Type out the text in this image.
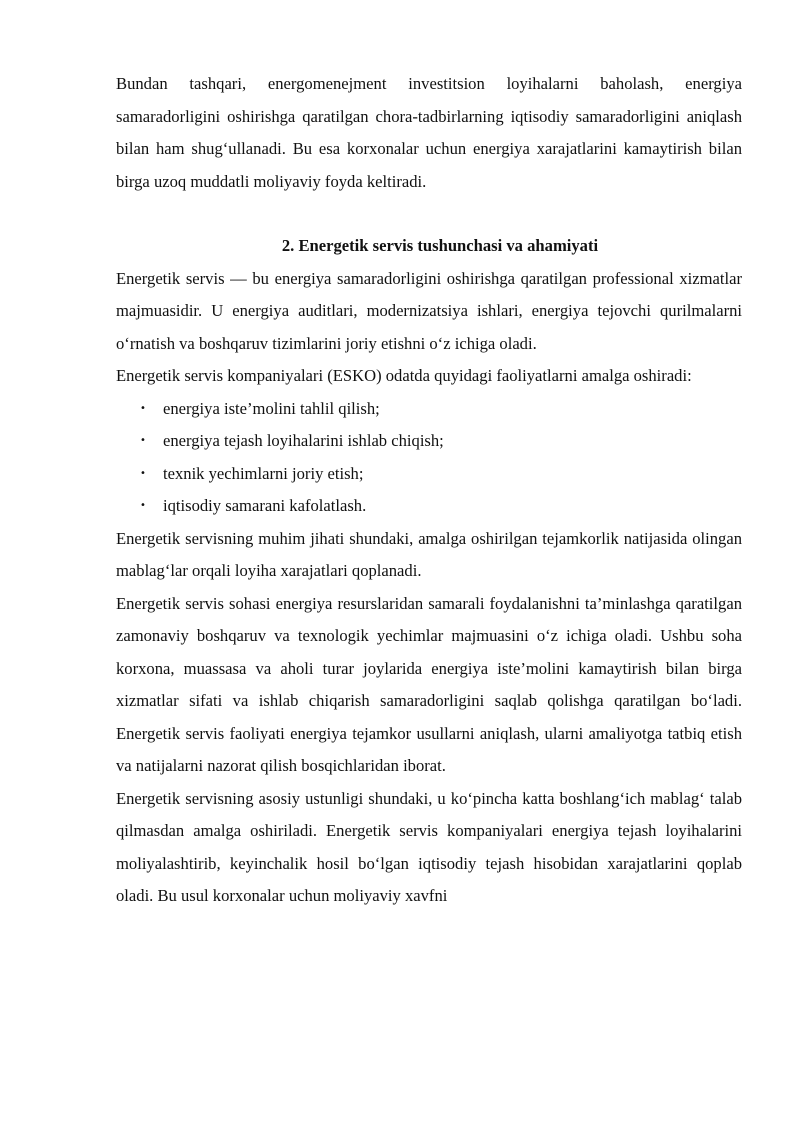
Bundan tashqari, energomenejment investitsion loyihalarni baholash, energiya samaradorligini oshirishga qaratilgan chora-tadbirlarning iqtisodiy samaradorligini aniqlash bilan ham shug‘ullanadi. Bu esa korxonalar uchun energiya xarajatlarini kamaytirish bilan birga uzoq muddatli moliyaviy foyda keltiradi.

2. Energetik servis tushunchasi va ahamiyati

Energetik servis — bu energiya samaradorligini oshirishga qaratilgan professional xizmatlar majmuasidir. U energiya auditlari, modernizatsiya ishlari, energiya tejovchi qurilmalarni o‘rnatish va boshqaruv tizimlarini joriy etishni o‘z ichiga oladi.

Energetik servis kompaniyalari (ESKO) odatda quyidagi faoliyatlarni amalga oshiradi:

• energiya iste’molini tahlil qilish;
• energiya tejash loyihalarini ishlab chiqish;
• texnik yechimlarni joriy etish;
• iqtisodiy samarani kafolatlash.

Energetik servisning muhim jihati shundaki, amalga oshirilgan tejamkorlik natijasida olingan mablag‘lar orqali loyiha xarajatlari qoplanadi.

Energetik servis sohasi energiya resurslaridan samarali foydalanishni ta’minlashga qaratilgan zamonaviy boshqaruv va texnologik yechimlar majmuasini o‘z ichiga oladi. Ushbu soha korxona, muassasa va aholi turar joylarida energiya iste’molini kamaytirish bilan birga xizmatlar sifati va ishlab chiqarish samaradorligini saqlab qolishga qaratilgan bo‘ladi. Energetik servis faoliyati energiya tejamkor usullarni aniqlash, ularni amaliyotga tatbiq etish va natijalarni nazorat qilish bosqichlaridan iborat.

Energetik servisning asosiy ustunligi shundaki, u ko‘pincha katta boshlang‘ich mablag‘ talab qilmasdan amalga oshiriladi. Energetik servis kompaniyalari energiya tejash loyihalarini moliyalashtirib, keyinchalik hosil bo‘lgan iqtisodiy tejash hisobidan xarajatlarini qoplab oladi. Bu usul korxonalar uchun moliyaviy xavfni
